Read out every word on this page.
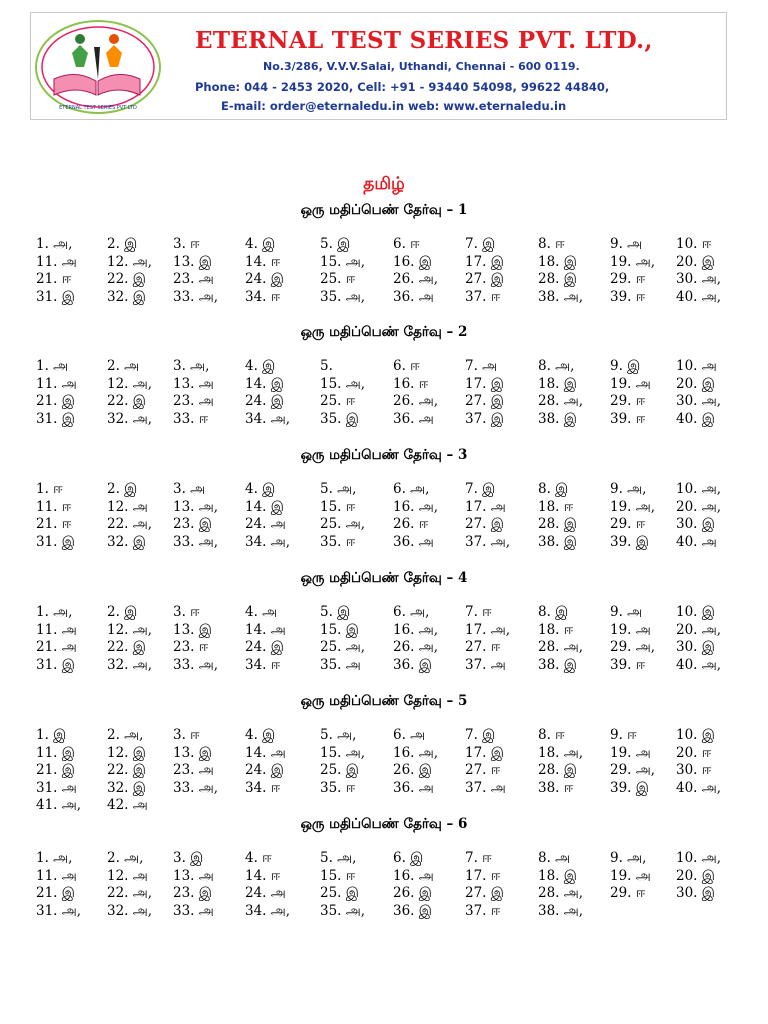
ETERNAL TEST SERIES PVT LTD
ETERNAL TEST SERIES PVT. LTD.,
No.3/286, V.V.V.Salai, Uthandi, Chennai - 600 0119.
Phone: 044 - 2453 2020, Cell: +91 - 93440 54098, 99622 44840,
E-mail: order@eternaledu.in web: www.eternaledu.in
தமிழ்
ஒரு மதிப்பெண் தேர்வு – 1
1. அ,	2. இ	3. ஈ	4. இ	5. இ	6. ஈ	7. இ	8. ஈ	9. அ	10. ஈ
11. அ 12. அ, 13. இ 14. ஈ	15. அ, 16. இ 17. இ	18. இ 19. அ, 20. இ
21. ஈ	22. இ 23. அ 24. இ	25. ஈ	26. அ, 27. இ	28. இ 29. ஈ 30. அ,
31. இ 32. இ 33. அ, 34. ஈ	35. அ, 36. அ 37. ஈ	38. அ, 39. ஈ 40. அ,
ஒரு மதிப்பெண் தேர்வு – 2
1. அ	2. அ	3. அ,	4. இ	5.	6. ஈ	7. அ	8. அ,	9. இ	10. அ
11. அ 12. அ, 13. அ 14. இ	15. அ, 16. ஈ	17. இ	18. இ 19. அ 20. இ
21. இ 22. இ 23. அ 24. இ	25. ஈ	26. அ, 27. இ	28. அ, 29. ஈ 30. அ,
31. இ 32. அ, 33. ஈ	34. அ, 35. இ	36. அ 37. இ	38. இ 39. ஈ 40. இ
ஒரு மதிப்பெண் தேர்வு – 3
1. ஈ	2. இ	3. அ	4. இ	5. அ,	6. அ,	7. இ	8. இ	9. அ, 10. அ,
11. ஈ	12. அ 13. அ, 14. இ	15. ஈ	16. அ, 17. அ 18. ஈ	19. அ, 20. அ,
21. ஈ	22. அ, 23. இ 24. அ	25. அ, 26. ஈ	27. இ	28. இ 29. ஈ 30. இ
31. இ 32. இ 33. அ, 34. அ, 35. ஈ	36. அ 37. அ, 38. இ 39. இ 40. அ
ஒரு மதிப்பெண் தேர்வு – 4
1. அ,	2. இ	3. ஈ	4. அ	5. இ	6. அ,	7. ஈ	8. இ	9. அ	10. இ
11. அ 12. அ, 13. இ 14. அ	15. இ	16. அ, 17. அ, 18. ஈ	19. அ 20. அ,
21. அ 22. இ 23. ஈ	24. இ	25. அ, 26. அ, 27. ஈ	28. அ, 29. அ, 30. இ
31. இ 32. அ, 33. அ, 34. ஈ	35. அ 36. இ 37. அ 38. இ 39. ஈ 40. அ,
ஒரு மதிப்பெண் தேர்வு – 5
1. இ	2. அ, 3. ஈ	4. இ	5. அ,	6. அ	7. இ	8. ஈ	9. ஈ	10. இ
11. இ 12. இ 13. இ 14. அ	15. அ, 16. அ, 17. இ	18. அ, 19. அ 20. ஈ
21. இ 22. இ 23. அ 24. இ	25. இ	26. இ 27. ஈ	28. இ 29. அ, 30. ஈ
31. அ 32. இ 33. அ, 34. ஈ	35. ஈ	36. அ 37. அ 38. ஈ	39. இ 40. அ,
41. அ, 42. அ
ஒரு மதிப்பெண் தேர்வு – 6
1. அ,	2. அ, 3. இ	4. ஈ	5. அ,	6. இ	7. ஈ	8. அ	9. அ, 10. அ,
11. அ 12. அ 13. அ 14. ஈ	15. ஈ	16. அ 17. ஈ	18. இ 19. அ 20. இ
21. இ 22. அ, 23. இ 24. அ	25. இ	26. இ 27. இ	28. அ, 29. ஈ 30. இ
31. அ, 32. அ, 33. அ 34. அ, 35. அ, 36. இ 37. ஈ	38. அ,
